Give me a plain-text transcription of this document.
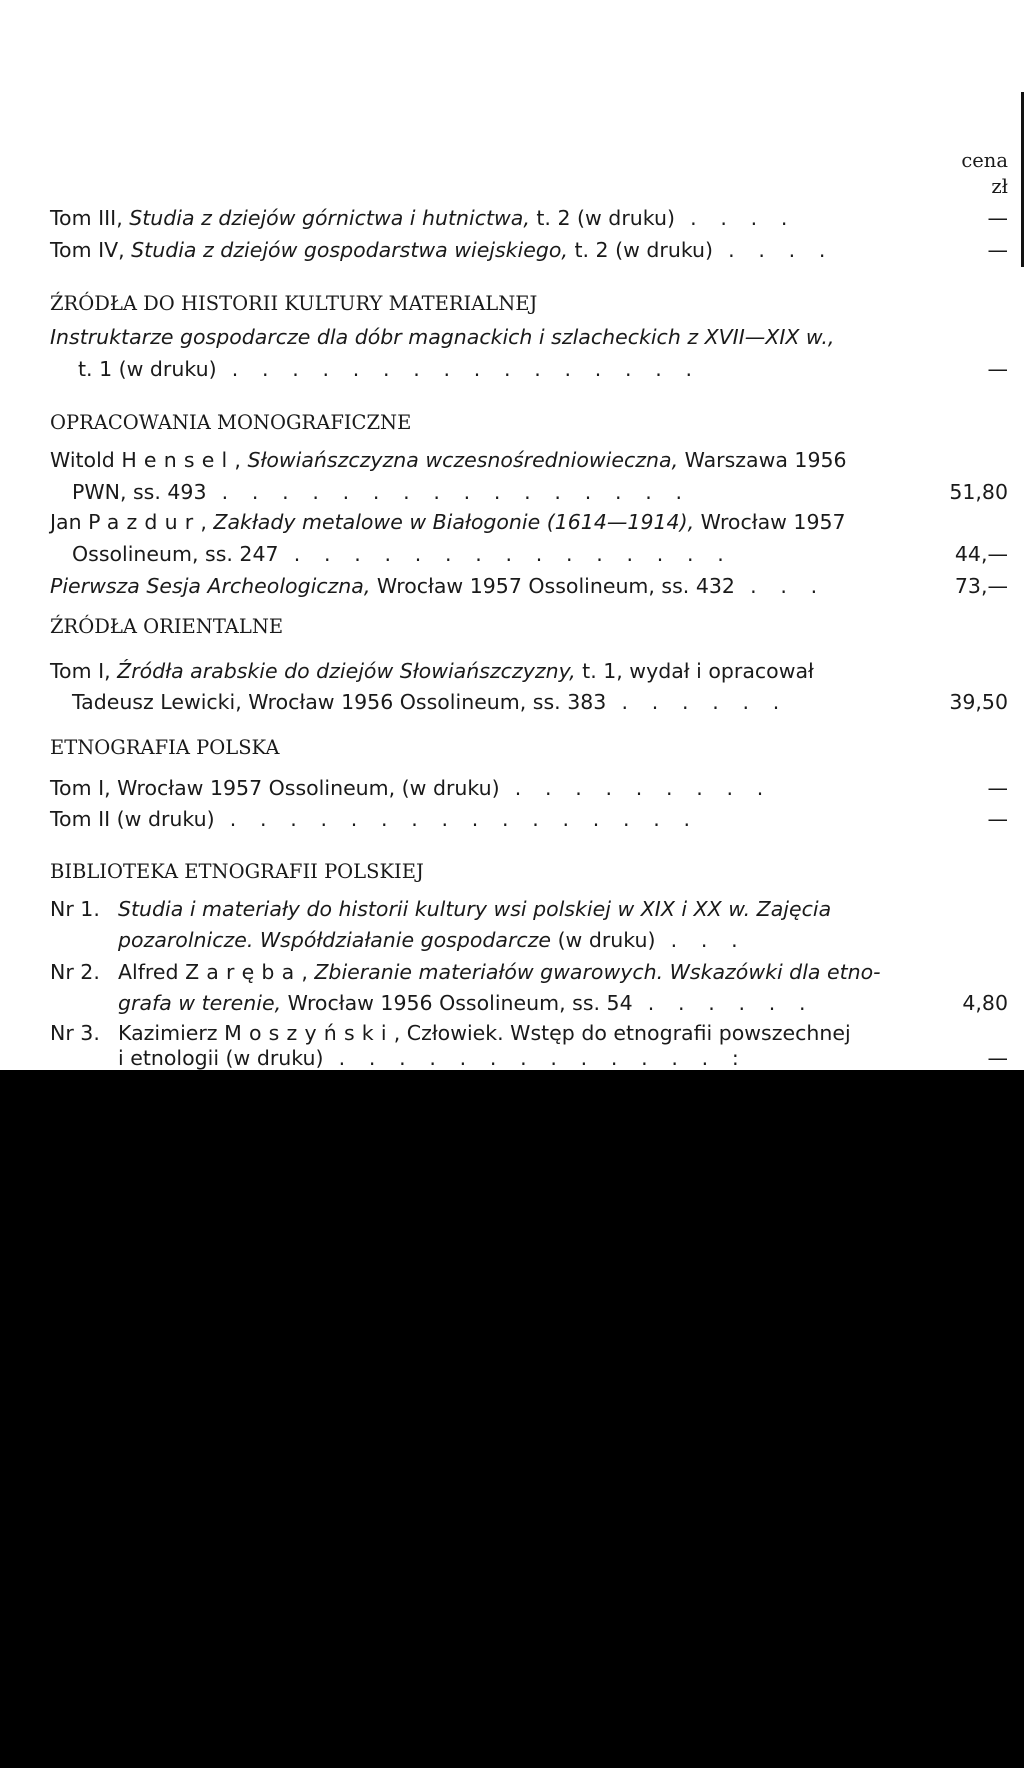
cena
zł
Tom III, Studia z dziejów górnictwa i hutnictwa, t. 2 (w druku) . . . .	—
Tom IV, Studia z dziejów gospodarstwa wiejskiego, t. 2 (w druku) . . . .	—
ŹRÓDŁA DO HISTORII KULTURY MATERIALNEJ
Instruktarze gospodarcze dla dóbr magnackich i szlacheckich z XVII—XIX w.,
t. 1 (w druku) . . . . . . . . . . . . . . . .	—
OPRACOWANIA MONOGRAFICZNE
Witold Hensel, Słowiańszczyzna wczesnośredniowieczna, Warszawa 1956
PWN, ss. 493 . . . . . . . . . . . . . . . .	51,80
Jan Pazdur, Zakłady metalowe w Białogonie (1614—1914), Wrocław 1957
Ossolineum, ss. 247 . . . . . . . . . . . . . . .	44,—
Pierwsza Sesja Archeologiczna, Wrocław 1957 Ossolineum, ss. 432 . . .	73,—
ŹRÓDŁA ORIENTALNE
Tom I, Źródła arabskie do dziejów Słowiańszczyzny, t. 1, wydał i opracował
Tadeusz Lewicki, Wrocław 1956 Ossolineum, ss. 383 . . . . . .	39,50
ETNOGRAFIA POLSKA
Tom I, Wrocław 1957 Ossolineum, (w druku) . . . . . . . . .	—
Tom II (w druku) . . . . . . . . . . . . . . . .	—
BIBLIOTEKA ETNOGRAFII POLSKIEJ
Nr 1. Studia i materiały do historii kultury wsi polskiej w XIX i XX w. Zajęcia
pozarolnicze. Współdziałanie gospodarcze (w druku) . . .
Nr 2. Alfred Zaręba, Zbieranie materiałów gwarowych. Wskazówki dla etno-
grafa w terenie, Wrocław 1956 Ossolineum, ss. 54 . . . . . .	4,80
Nr 3. Kazimierz Moszyński, Człowiek. Wstęp do etnografii powszechnej
i etnologii (w druku) . . . . . . . . . . . . . :	—
